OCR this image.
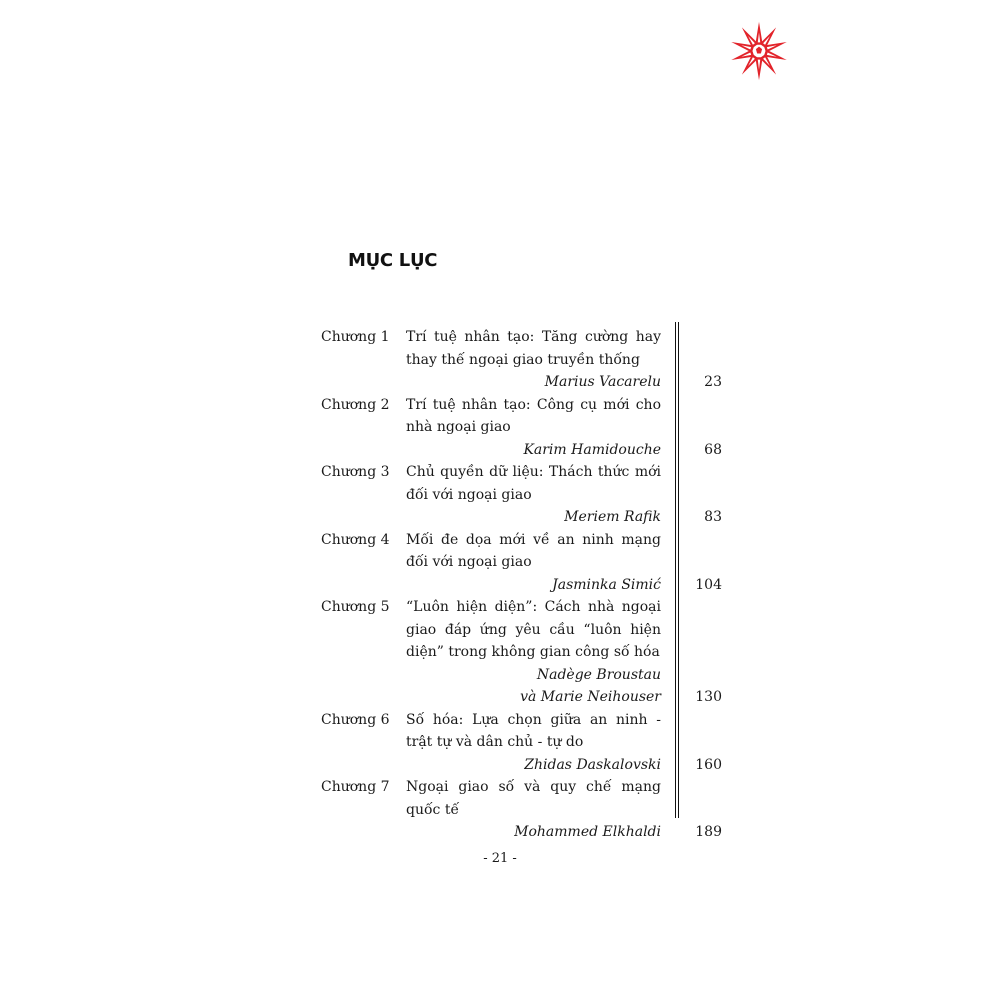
MỤC LỤC
Chương 1	Trí tuệ nhân tạo: Tăng cường hay thay thế ngoại giao truyền thống
Marius Vacarelu	23
Chương 2	Trí tuệ nhân tạo: Công cụ mới cho nhà ngoại giao
Karim Hamidouche	68
Chương 3	Chủ quyền dữ liệu: Thách thức mới đối với ngoại giao
Meriem Rafik	83
Chương 4	Mối đe dọa mới về an ninh mạng đối với ngoại giao
Jasminka Simić 104
Chương 5	“Luôn hiện diện”: Cách nhà ngoại giao đáp ứng yêu cầu “luôn hiện diện” trong không gian công số hóa
Nadège Broustau
và Marie Neihouser 130
Chương 6	Số hóa: Lựa chọn giữa an ninh - trật tự và dân chủ - tự do
Zhidas Daskalovski 160
Chương 7	Ngoại giao số và quy chế mạng quốc tế
Mohammed Elkhaldi 189
- 21 -
